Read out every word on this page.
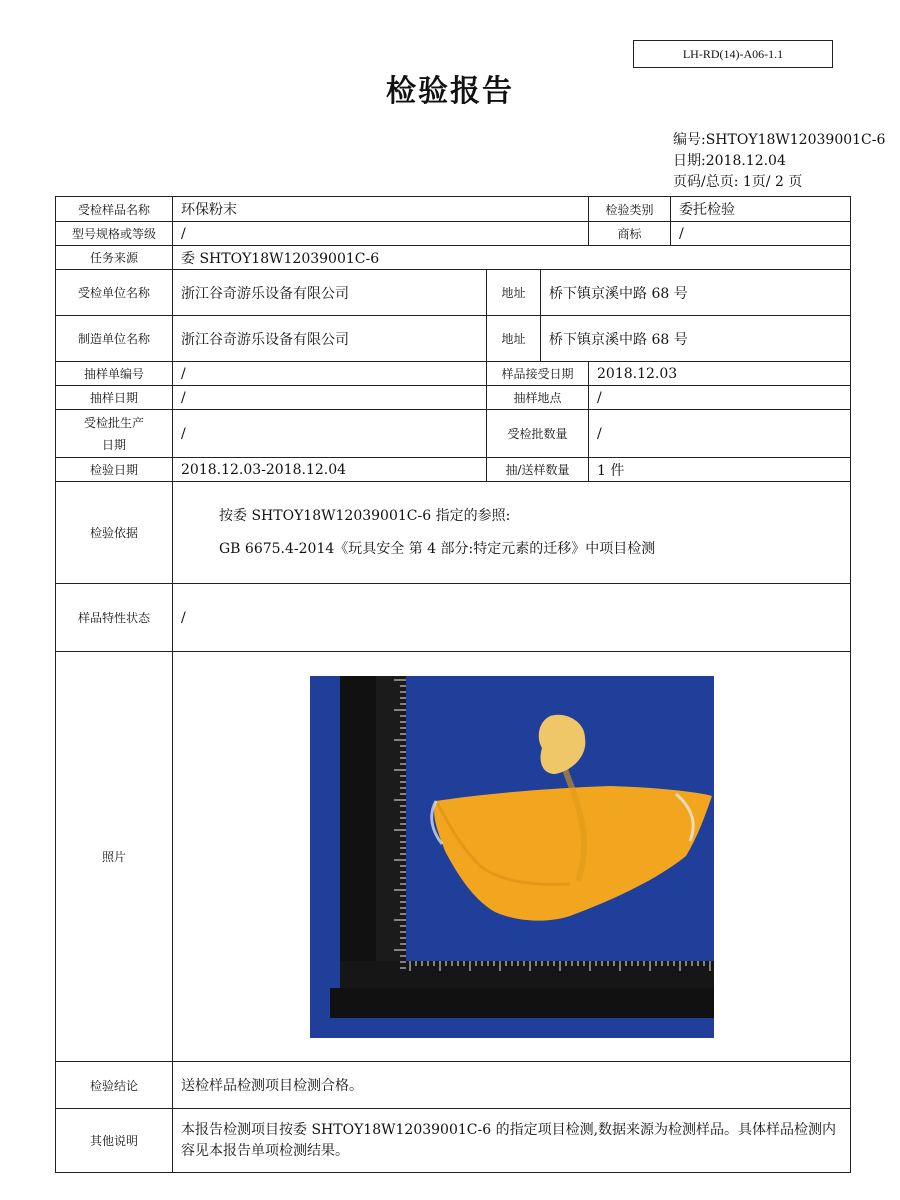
LH-RD(14)-A06-1.1
检验报告
编号:SHTOY18W12039001C-6
日期:2018.12.04
页码/总页: 1页/ 2 页
受检样品名称	环保粉末			检验类别	委托检验
型号规格或等级	/			商标	/
任务来源	委 SHTOY18W12039001C-6				
受检单位名称	浙江谷奇游乐设备有限公司	地址	桥下镇京溪中路 68 号		
制造单位名称	浙江谷奇游乐设备有限公司	地址	桥下镇京溪中路 68 号		
抽样单编号	/	样品接受日期		2018.12.03	
抽样日期	/	抽样地点		/	

受检批生产
日期	/	受检批数量		/	
检验日期	2018.12.03-2018.12.04	抽/送样数量		1 件	
检验依据	按委 SHTOY18W12039001C-6 指定的参照:
GB 6675.4-2014《玩具安全 第 4 部分:特定元素的迁移》中项目检测				

样品特性状态	/				
照片	

检验结论	送检样品检测项目检测合格。				
其他说明	本报告检测项目按委 SHTOY18W12039001C-6 的指定项目检测,数据来源为检测样品。具体样品检测内容见本报告单项检测结果。				
